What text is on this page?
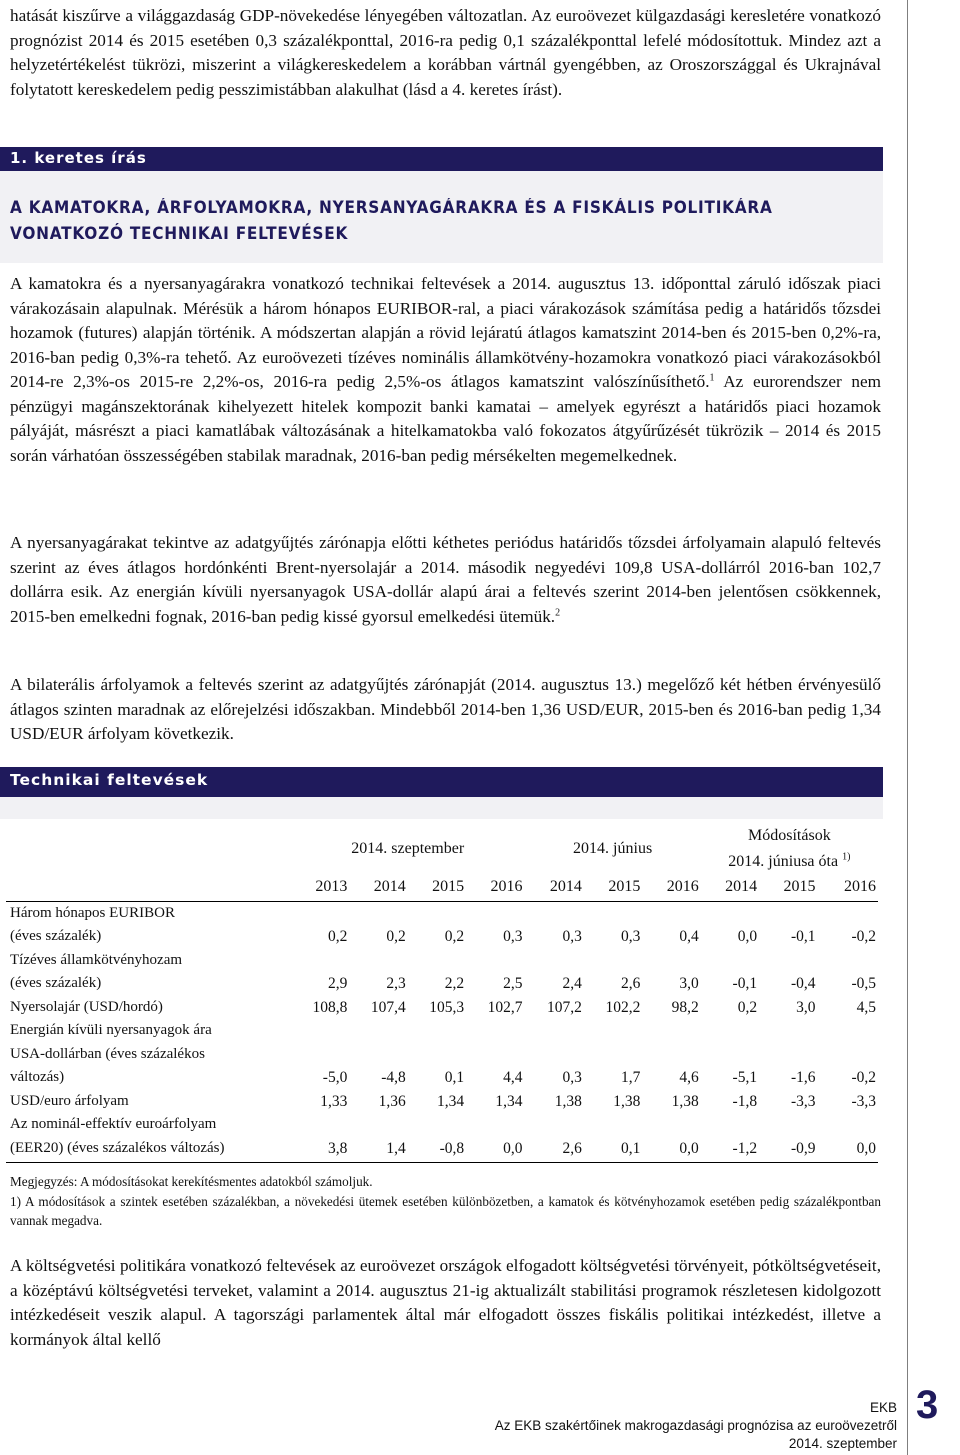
hatását kiszűrve a világgazdaság GDP-növekedése lényegében változatlan. Az euroövezet külgazdasági keresletére vonatkozó prognózist 2014 és 2015 esetében 0,3 százalékponttal, 2016-ra pedig 0,1 százalékponttal lefelé módosítottuk. Mindez azt a helyzetértékelést tükrözi, miszerint a világkereskedelem a korábban vártnál gyengébben, az Oroszországgal és Ukrajnával folytatott kereskedelem pedig pesszimistábban alakulhat (lásd a 4. keretes írást).

1. keretes írás
A KAMATOKRA, ÁRFOLYAMOKRA, NYERSANYAGÁRAKRA ÉS A FISKÁLIS POLITIKÁRA VONATKOZÓ TECHNIKAI FELTEVÉSEK

A kamatokra és a nyersanyagárakra vonatkozó technikai feltevések a 2014. augusztus 13. időponttal záruló időszak piaci várakozásain alapulnak. Mérésük a három hónapos EURIBOR-ral, a piaci várakozások számítása pedig a határidős tőzsdei hozamok (futures) alapján történik. A módszertan alapján a rövid lejáratú átlagos kamatszint 2014-ben és 2015-ben 0,2%-ra, 2016-ban pedig 0,3%-ra tehető. Az euroövezeti tízéves nominális államkötvény-hozamokra vonatkozó piaci várakozásokból 2014-re 2,3%-os 2015-re 2,2%-os, 2016-ra pedig 2,5%-os átlagos kamatszint valószínűsíthető.$^1$ Az eurorendszer nem pénzügyi magánszektorának kihelyezett hitelek kompozit banki kamatai – amelyek egyrészt a határidős piaci hozamok pályáját, másrészt a piaci kamatlábak változásának a hitelkamatokba való fokozatos átgyűrűzését tükrözik – 2014 és 2015 során várhatóan összességében stabilak maradnak, 2016-ban pedig mérsékelten megemelkednek.

A nyersanyagárakat tekintve az adatgyűjtés zárónapja előtti kéthetes periódus határidős tőzsdei árfolyamain alapuló feltevés szerint az éves átlagos hordónkénti Brent-nyersolajár a 2014. második negyedévi 109,8 USA-dollárról 2016-ban 102,7 dollárra esik. Az energián kívüli nyersanyagok USA-dollár alapú árai a feltevés szerint 2014-ben jelentősen csökkennek, 2015-ben emelkedni fognak, 2016-ban pedig kissé gyorsul emelkedési ütemük.$^2$

A bilaterális árfolyamok a feltevés szerint az adatgyűjtés zárónapját (2014. augusztus 13.) megelőző két hétben érvényesülő átlagos szinten maradnak az előrejelzési időszakban. Mindebből 2014-ben 1,36 USD/EUR, 2015-ben és 2016-ban pedig 1,34 USD/EUR árfolyam következik.

Technikai feltevések
	2014. szeptember				2014. június			Módosítások
2014. júniusa óta $^{1)}$

	2013	2014	2015	2016	2014	2015	2016	2014	2015	2016
Három hónapos EURIBOR										
(éves százalék)	0,2	0,2	0,2	0,3	0,3	0,3	0,4	0,0	-0,1	-0,2
Tízéves államkötvényhozam										
(éves százalék)	2,9	2,3	2,2	2,5	2,4	2,6	3,0	-0,1	-0,4	-0,5
Nyersolajár (USD/hordó)	108,8	107,4	105,3	102,7	107,2	102,2	98,2	0,2	3,0	4,5
Energián kívüli nyersanyagok ára										
USA-dollárban (éves százalékos										
változás)	-5,0	-4,8	0,1	4,4	0,3	1,7	4,6	-5,1	-1,6	-0,2
USD/euro árfolyam	1,33	1,36	1,34	1,34	1,38	1,38	1,38	-1,8	-3,3	-3,3
Az nominál-effektív euroárfolyam										
(EER20) (éves százalékos változás)	3,8	1,4	-0,8	0,0	2,6	0,1	0,0	-1,2	-0,9	0,0

Megjegyzés: A módosításokat kerekítésmentes adatokból számoljuk.

1) A módosítások a szintek esetében százalékban, a növekedési ütemek esetében különbözetben, a kamatok és kötvényhozamok esetében pedig százalékpontban vannak megadva.

A költségvetési politikára vonatkozó feltevések az euroövezet országok elfogadott költségvetési törvényeit, pótköltségvetéseit, a középtávú költségvetési terveket, valamint a 2014. augusztus 21-ig aktualizált stabilitási programok részletesen kidolgozott intézkedéseit veszik alapul. A tagországi parlamentek által már elfogadott összes fiskális politikai intézkedést, illetve a kormányok által kellő

EKB
Az EKB szakértőinek makrogazdasági prognózisa az euroövezetről
2014. szeptember
3
